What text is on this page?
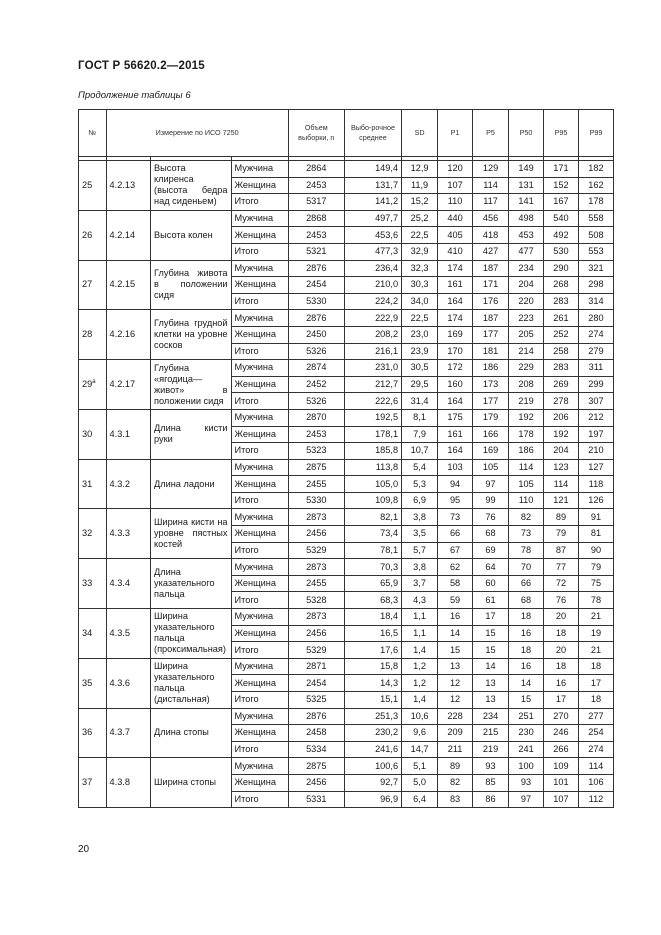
ГОСТ Р 56620.2—2015
Продолжение таблицы 6
№	Измерение по ИСО 7250			Объем выборки, n	Выбо-рочное среднее	SD	P1	P5	P50	P95	P99

25	4.2.13	Высота клиренса (высота бедра над сиденьем)	Мужчина	2864	149,4	12,9	120	129	149	171	182
			Женщина	2453	131,7	11,9	107	114	131	152	162
			Итого	5317	141,2	15,2	110	117	141	167	178
26	4.2.14	Высота колен	Мужчина	2868	497,7	25,2	440	456	498	540	558
			Женщина	2453	453,6	22,5	405	418	453	492	508
			Итого	5321	477,3	32,9	410	427	477	530	553
27	4.2.15	Глубина живота в положении сидя	Мужчина	2876	236,4	32,3	174	187	234	290	321
			Женщина	2454	210,0	30,3	161	171	204	268	298
			Итого	5330	224,2	34,0	164	176	220	283	314
28	4.2.16	Глубина грудной клетки на уровне сосков	Мужчина	2876	222,9	22,5	174	187	223	261	280
			Женщина	2450	208,2	23,0	169	177	205	252	274
			Итого	5326	216,1	23,9	170	181	214	258	279
$29^а$	4.2.17	Глубина «ягодица—живот» в положении сидя	Мужчина	2874	231,0	30,5	172	186	229	283	311
			Женщина	2452	212,7	29,5	160	173	208	269	299
			Итого	5326	222,6	31,4	164	177	219	278	307
30	4.3.1	Длина кисти руки	Мужчина	2870	192,5	8,1	175	179	192	206	212
			Женщина	2453	178,1	7,9	161	166	178	192	197
			Итого	5323	185,8	10,7	164	169	186	204	210
31	4.3.2	Длина ладони	Мужчина	2875	113,8	5,4	103	105	114	123	127
			Женщина	2455	105,0	5,3	94	97	105	114	118
			Итого	5330	109,8	6,9	95	99	110	121	126
32	4.3.3	Ширина кисти на уровне пястных костей	Мужчина	2873	82,1	3,8	73	76	82	89	91
			Женщина	2456	73,4	3,5	66	68	73	79	81
			Итого	5329	78,1	5,7	67	69	78	87	90
33	4.3.4	Длина указательного пальца	Мужчина	2873	70,3	3,8	62	64	70	77	79
			Женщина	2455	65,9	3,7	58	60	66	72	75
			Итого	5328	68,3	4,3	59	61	68	76	78
34	4.3.5	Ширина указательного пальца (проксимальная)	Мужчина	2873	18,4	1,1	16	17	18	20	21
			Женщина	2456	16,5	1,1	14	15	16	18	19
			Итого	5329	17,6	1,4	15	15	18	20	21
35	4.3.6	Ширина указательного пальца (дистальная)	Мужчина	2871	15,8	1,2	13	14	16	18	18
			Женщина	2454	14,3	1,2	12	13	14	16	17
			Итого	5325	15,1	1,4	12	13	15	17	18
36	4.3.7	Длина стопы	Мужчина	2876	251,3	10,6	228	234	251	270	277
			Женщина	2458	230,2	9,6	209	215	230	246	254
			Итого	5334	241,6	14,7	211	219	241	266	274
37	4.3.8	Ширина стопы	Мужчина	2875	100,6	5,1	89	93	100	109	114
			Женщина	2456	92,7	5,0	82	85	93	101	106
			Итого	5331	96,9	6,4	83	86	97	107	112
20
